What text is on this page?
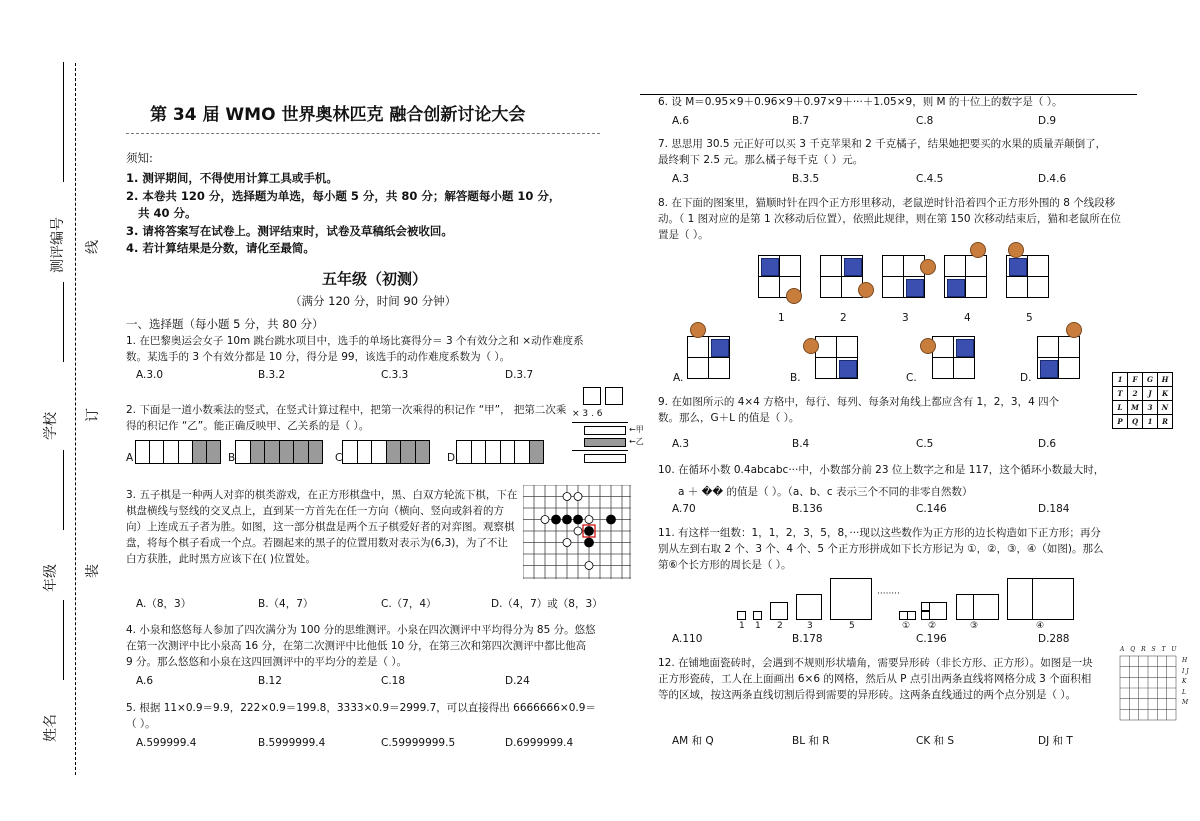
测评编号 线
学校 订
年级 装
姓名
第 34 届 WMO 世界奥林匹克 融合创新讨论大会
须知:
1. 测评期间，不得使用计算工具或手机。
2. 本卷共 120 分，选择题为单选，每小题 5 分，共 80 分；解答题每小题 10 分，
共 40 分。
3. 请将答案写在试卷上。测评结束时，试卷及草稿纸会被收回。
4. 若计算结果是分数，请化至最简。
五年级（初测）
（满分 120 分，时间 90 分钟）
一、选择题（每小题 5 分，共 80 分）
1. 在巴黎奥运会女子 10m 跳台跳水项目中，选手的单场比赛得分＝ 3 个有效分之和 ×动作难度系数。某选手的 3 个有效分都是 10 分，得分是 99，该选手的动作难度系数为（ ）。
A.3.0	B.3.2	C.3.3	D.3.7
2. 下面是一道小数乘法的竖式，在竖式计算过程中，把第一次乘得的积记作 “甲”， 把第二次乘得的积记作 “乙”。能正确反映甲、乙关系的是（ ）。
× 3 . 6
←甲
←乙
A	B	C	D.
3. 五子棋是一种两人对弈的棋类游戏，在正方形棋盘中，黑、白双方轮流下棋，下在棋盘横线与竖线的交叉点上，直到某一方首先在任一方向（横向、竖向或斜着的方向）上连成五子者为胜。如图，这一部分棋盘是两个五子棋爱好者的对弈图。观察棋盘，将每个棋子看成一个点。若圈起来的黑子的位置用数对表示为(6,3)，为了不让白方获胜，此时黑方应该下在( )位置处。
A.（8，3）	B.（4，7）	C.（7，4）	D.（4，7）或（8，3）
4. 小泉和悠悠每人参加了四次满分为 100 分的思维测评。小泉在四次测评中平均得分为 85 分。悠悠在第一次测评中比小泉高 16 分，在第二次测评中比他低 10 分，在第三次和第四次测评中都比他高 9 分。那么悠悠和小泉在这四回测评中的平均分的差是（ ）。
A.6	B.12	C.18	D.24
5. 根据 11×0.9＝9.9，222×0.9＝199.8，3333×0.9＝2999.7，可以直接得出 6666666×0.9＝（ ）。
A.599999.4	B.5999999.4	C.59999999.5	D.6999999.4
6. 设 M＝0.95×9＋0.96×9＋0.97×9＋···＋1.05×9，则 M 的十位上的数字是（ ）。
A.6	B.7	C.8	D.9
7. 思思用 30.5 元正好可以买 3 千克苹果和 2 千克橘子，结果她把要买的水果的质量弄颠倒了，最终剩下 2.5 元。那么橘子每千克（ ）元。
A.3	B.3.5	C.4.5	D.4.6
8. 在下面的图案里，猫顺时针在四个正方形里移动，老鼠逆时针沿着四个正方形外围的 8 个线段移动。（ 1 图对应的是第 1 次移动后位置），依照此规律，则在第 150 次移动结束后，猫和老鼠所在位置是（ ）。
1	2	3	4	5
A.	B.	C.	D.
9. 在如图所示的 4×4 方格中，每行、每列、每条对角线上都应含有 1，2，3，4 四个数。那么，G＋L 的值是（ ）。
1	F	G	H
T	2	J	K
L	M	3	N
P	Q	1	R
A.3	B.4	C.5	D.6
10. 在循环小数 0.4abcabc···中，小数部分前 23 位上数字之和是 117，这个循环小数最大时，
a ＋ �� 的值是（ ）。（a、b、c 表示三个不同的非零自然数）
A.70	B.136	C.146	D.184
11. 有这样一组数：1，1，2，3，5，8，···现以这些数作为正方形的边长构造如下正方形；再分别从左到右取 2 个、3 个、4 个、5 个正方形拼成如下长方形记为 ①，②，③，④（如图)。那么第⑥个长方形的周长是（ ）。
1 1 2	3	5
········
① ②	③	④
A.110	B.178	C.196	D.288
12. 在铺地面瓷砖时，会遇到不规则形状墙角，需要异形砖（非长方形、正方形）。如图是一块正方形瓷砖，工人在上面画出 6×6 的网格，然后从 P 点引出两条直线将网格分成 3 个面积相等的区域，按这两条直线切割后得到需要的异形砖。这两条直线通过的两个点分别是（ ）。
A Q R S T U
H I J K L M
AM 和 Q	BL 和 R	CK 和 S	DJ 和 T
